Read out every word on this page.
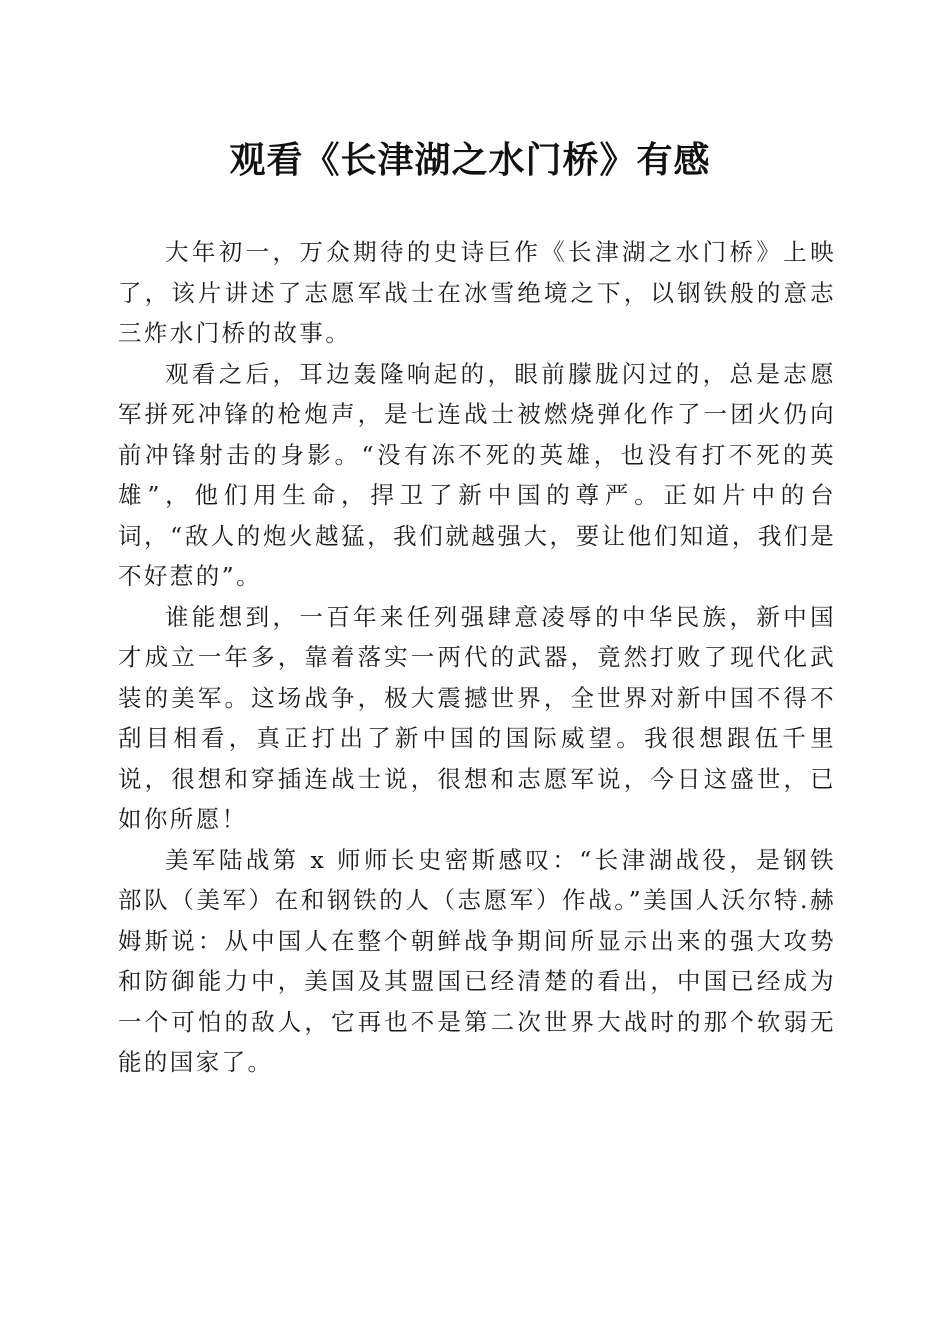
观看《长津湖之水门桥》有感

大年初一，万众期待的史诗巨作《长津湖之水门桥》上映了，该片讲述了志愿军战士在冰雪绝境之下，以钢铁般的意志三炸水门桥的故事。

观看之后，耳边轰隆响起的，眼前朦胧闪过的，总是志愿军拼死冲锋的枪炮声，是七连战士被燃烧弹化作了一团火仍向前冲锋射击的身影。“没有冻不死的英雄，也没有打不死的英雄”，他们用生命，捍卫了新中国的尊严。正如片中的台词，“敌人的炮火越猛，我们就越强大，要让他们知道，我们是不好惹的”。

谁能想到，一百年来任列强肆意凌辱的中华民族，新中国才成立一年多，靠着落实一两代的武器，竟然打败了现代化武装的美军。这场战争，极大震撼世界，全世界对新中国不得不刮目相看，真正打出了新中国的国际威望。我很想跟伍千里说，很想和穿插连战士说，很想和志愿军说，今日这盛世，已如你所愿！

美军陆战第 x 师师长史密斯感叹：“长津湖战役，是钢铁部队（美军）在和钢铁的人（志愿军）作战。”美国人沃尔特.赫姆斯说：从中国人在整个朝鲜战争期间所显示出来的强大攻势和防御能力中，美国及其盟国已经清楚的看出，中国已经成为一个可怕的敌人，它再也不是第二次世界大战时的那个软弱无能的国家了。
